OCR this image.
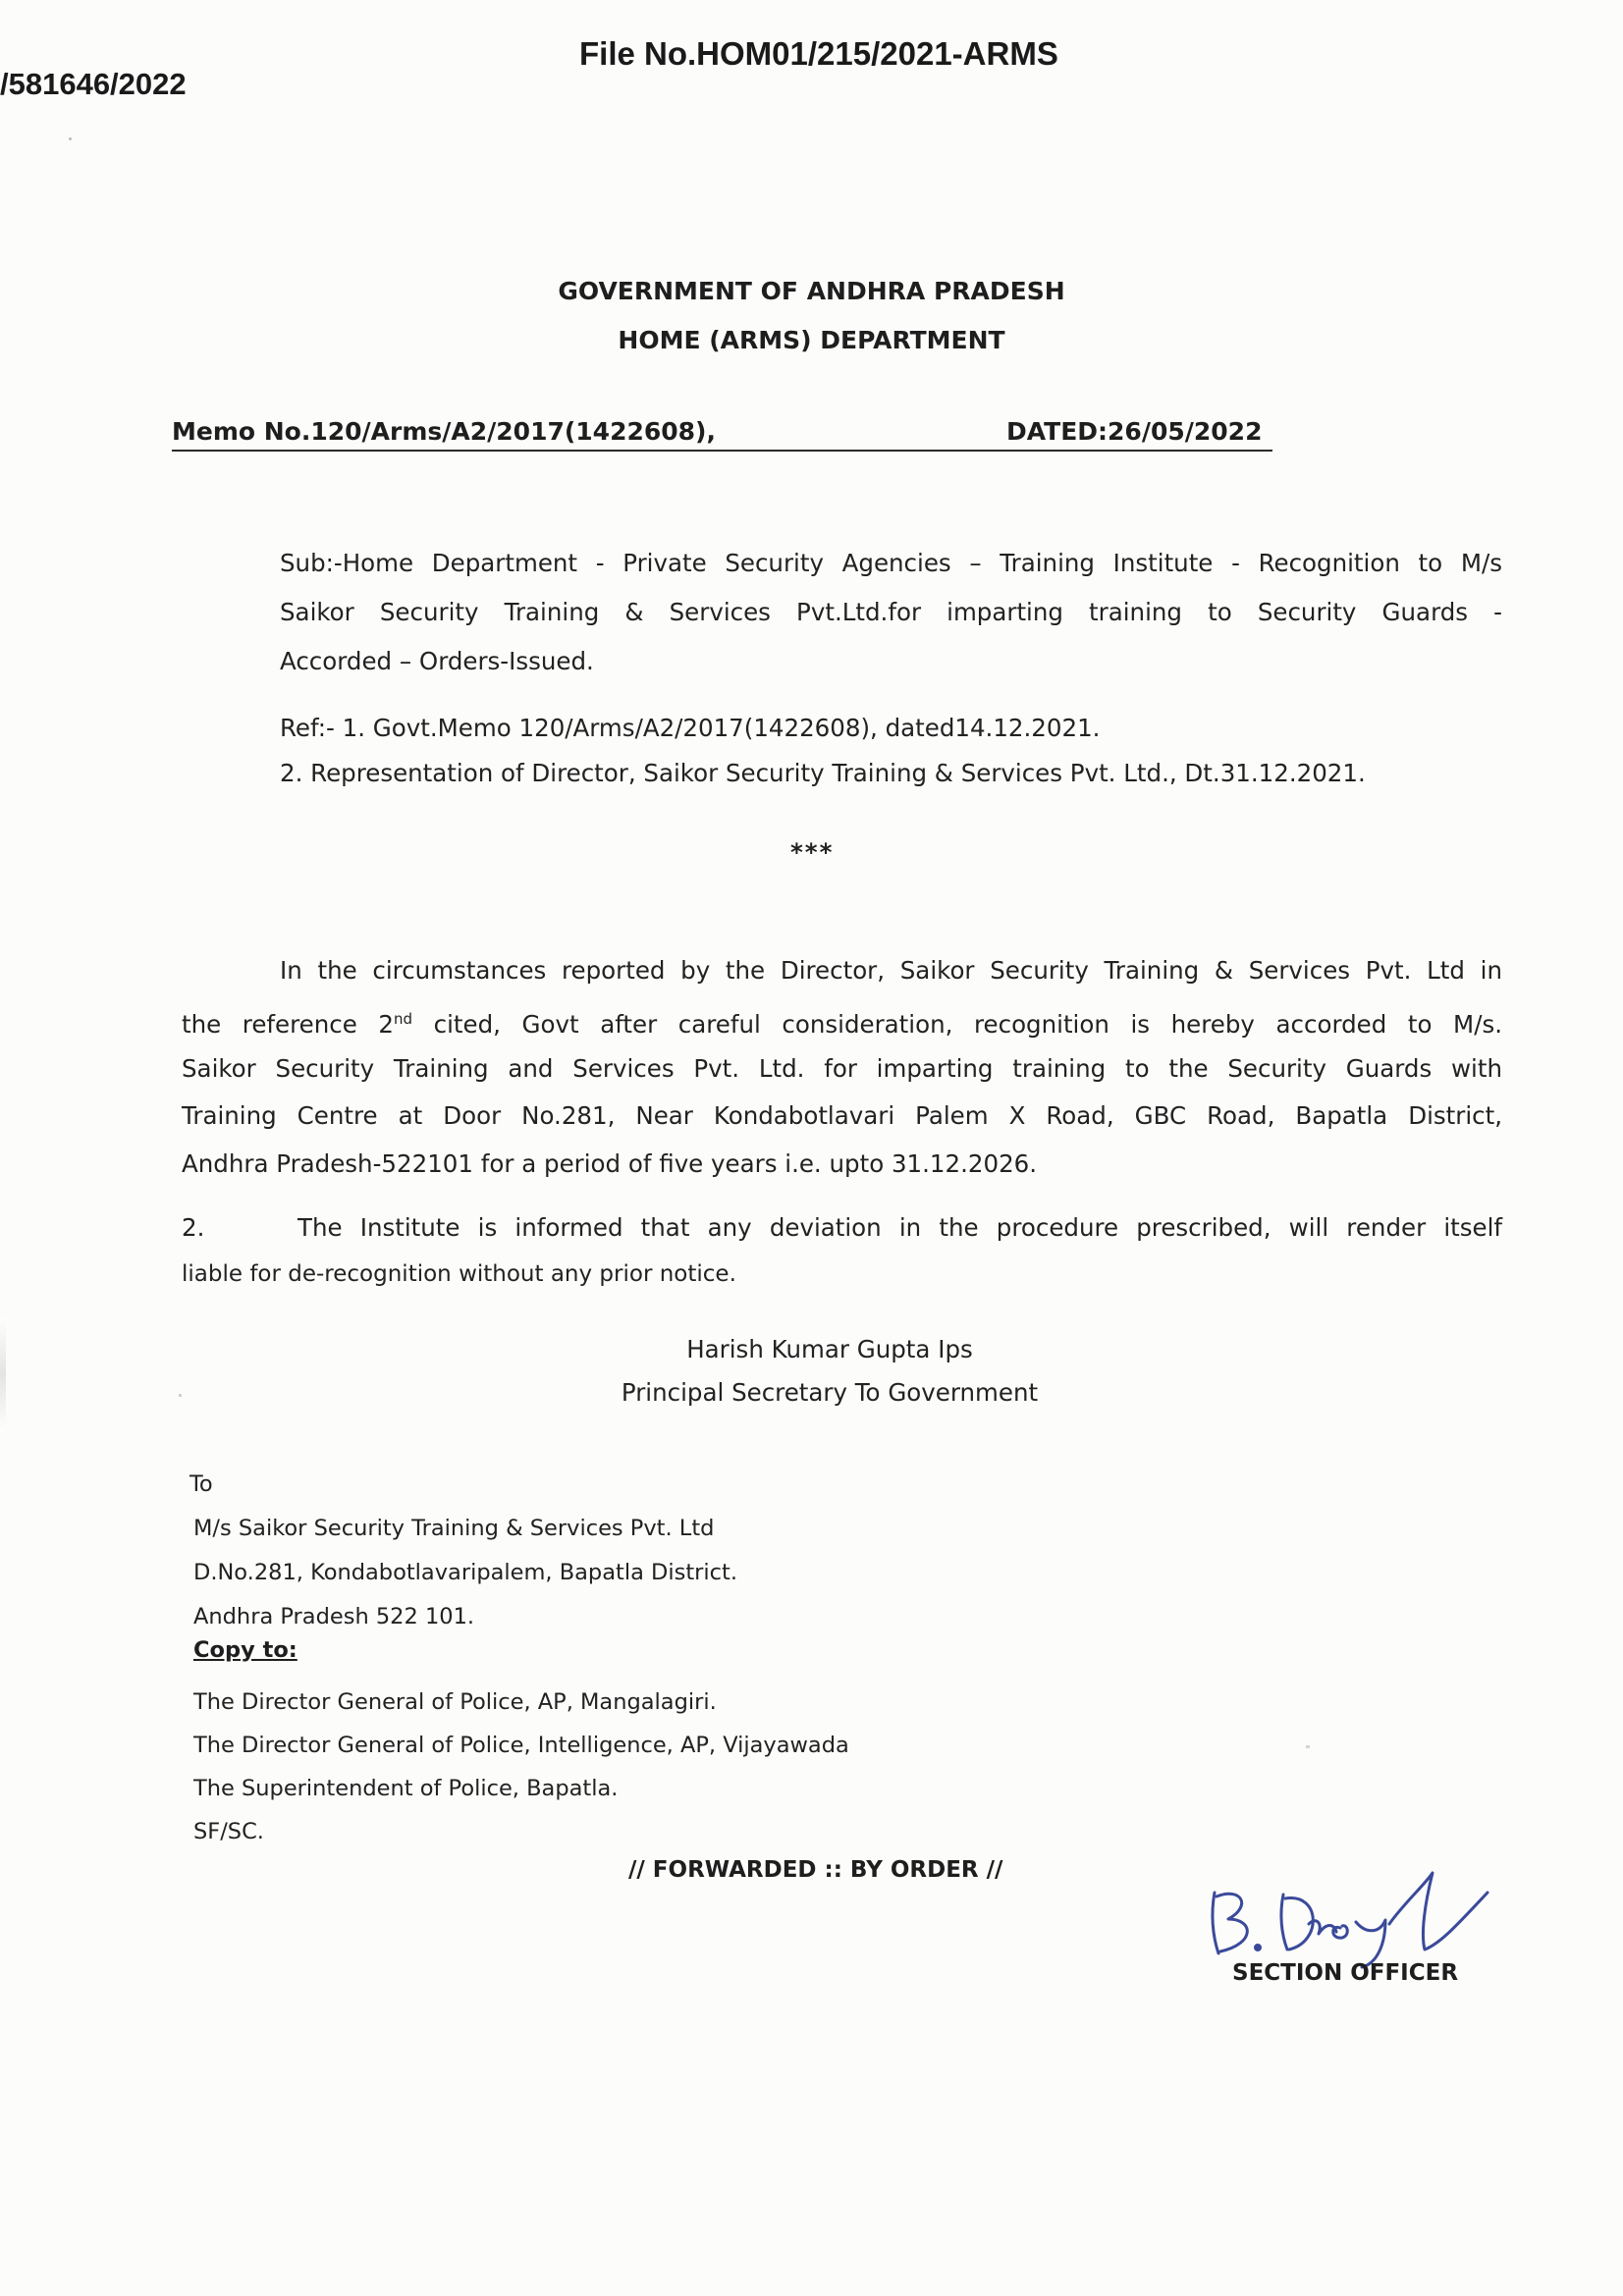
/581646/2022
File No.HOM01/215/2021-ARMS
GOVERNMENT OF ANDHRA PRADESH
HOME (ARMS) DEPARTMENT
Memo No.120/Arms/A2/2017(1422608),	DATED:26/05/2022
Sub:-Home Department - Private Security Agencies – Training Institute - Recognition to M/s
Saikor Security Training & Services Pvt.Ltd.for imparting training to Security Guards -
Accorded – Orders-Issued.
Ref:- 1. Govt.Memo 120/Arms/A2/2017(1422608), dated14.12.2021.
2. Representation of Director, Saikor Security Training & Services Pvt. Ltd., Dt.31.12.2021.
***
In the circumstances reported by the Director, Saikor Security Training & Services Pvt. Ltd in
the reference 2nd cited, Govt after careful consideration, recognition is hereby accorded to M/s.
Saikor Security Training and Services Pvt. Ltd. for imparting training to the Security Guards with
Training Centre at Door No.281, Near Kondabotlavari Palem X Road, GBC Road, Bapatla District,
Andhra Pradesh-522101 for a period of five years i.e. upto 31.12.2026.
2.	The Institute is informed that any deviation in the procedure prescribed, will render itself
liable for de-recognition without any prior notice.
Harish Kumar Gupta Ips
Principal Secretary To Government
To
M/s Saikor Security Training & Services Pvt. Ltd
D.No.281, Kondabotlavaripalem, Bapatla District.
Andhra Pradesh 522 101.
Copy to:
The Director General of Police, AP, Mangalagiri.
The Director General of Police, Intelligence, AP, Vijayawada
The Superintendent of Police, Bapatla.
SF/SC.
// FORWARDED :: BY ORDER //
SECTION OFFICER
